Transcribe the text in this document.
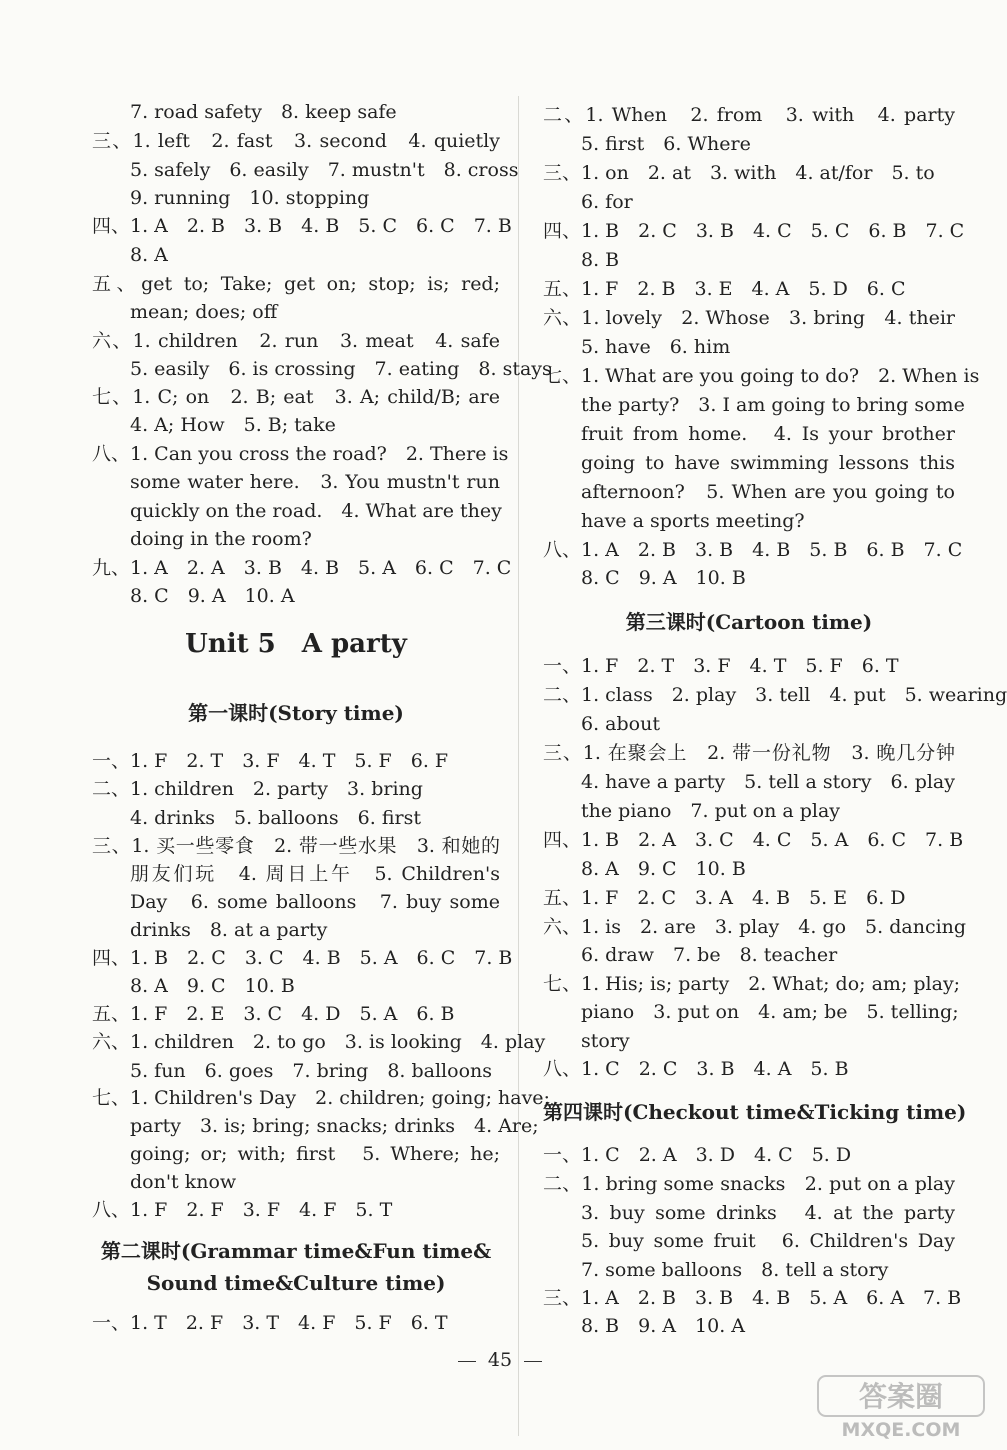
7. road safety　8. keep safe
三、1. left　2. fast　3. second　4. quietly
5. safely　6. easily　7. mustn't　8. cross
9. running　10. stopping
四、1. A　2. B　3. B　4. B　5. C　6. C　7. B
8. A
五、get to; Take; get on; stop; is; red;
mean; does; off
六、1. children　2. run　3. meat　4. safe
5. easily　6. is crossing　7. eating　8. stays
七、1. C; on　2. B; eat　3. A; child/B; are
4. A; How　5. B; take
八、1. Can you cross the road?　2. There is
some water here.　3. You mustn't run
quickly on the road.　4. What are they
doing in the room?
九、1. A　2. A　3. B　4. B　5. A　6. C　7. C
8. C　9. A　10. A
Unit 5　A party
第一课时(Story time)
一、1. F　2. T　3. F　4. T　5. F　6. F
二、1. children　2. party　3. bring
4. drinks　5. balloons　6. first
三、1. 买一些零食　2. 带一些水果　3. 和她的
朋友们玩　4. 周日上午　5. Children's
Day　6. some balloons　7. buy some
drinks　8. at a party
四、1. B　2. C　3. C　4. B　5. A　6. C　7. B
8. A　9. C　10. B
五、1. F　2. E　3. C　4. D　5. A　6. B
六、1. children　2. to go　3. is looking　4. play
5. fun　6. goes　7. bring　8. balloons
七、1. Children's Day　2. children; going; have;
party　3. is; bring; snacks; drinks　4. Are;
going; or; with; first　5. Where; he;
don't know
八、1. F　2. F　3. F　4. F　5. T
第二课时(Grammar time&Fun time&
Sound time&Culture time)
一、1. T　2. F　3. T　4. F　5. F　6. T
二、1. When　2. from　3. with　4. party
5. first　6. Where
三、1. on　2. at　3. with　4. at/for　5. to
6. for
四、1. B　2. C　3. B　4. C　5. C　6. B　7. C
8. B
五、1. F　2. B　3. E　4. A　5. D　6. C
六、1. lovely　2. Whose　3. bring　4. their
5. have　6. him
七、1. What are you going to do?　2. When is
the party?　3. I am going to bring some
fruit from home.　4. Is your brother
going to have swimming lessons this
afternoon?　5. When are you going to
have a sports meeting?
八、1. A　2. B　3. B　4. B　5. B　6. B　7. C
8. C　9. A　10. B
第三课时(Cartoon time)
一、1. F　2. T　3. F　4. T　5. F　6. T
二、1. class　2. play　3. tell　4. put　5. wearing
6. about
三、1. 在聚会上　2. 带一份礼物　3. 晚几分钟
4. have a party　5. tell a story　6. play
the piano　7. put on a play
四、1. B　2. A　3. C　4. C　5. A　6. C　7. B
8. A　9. C　10. B
五、1. F　2. C　3. A　4. B　5. E　6. D
六、1. is　2. are　3. play　4. go　5. dancing
6. draw　7. be　8. teacher
七、1. His; is; party　2. What; do; am; play;
piano　3. put on　4. am; be　5. telling;
story
八、1. C　2. C　3. B　4. A　5. B
第四课时(Checkout time&Ticking time)
一、1. C　2. A　3. D　4. C　5. D
二、1. bring some snacks　2. put on a play
3. buy some drinks　4. at the party
5. buy some fruit　6. Children's Day
7. some balloons　8. tell a story
三、1. A　2. B　3. B　4. B　5. A　6. A　7. B
8. B　9. A　10. A
45
答案圈
MXQE.COM
